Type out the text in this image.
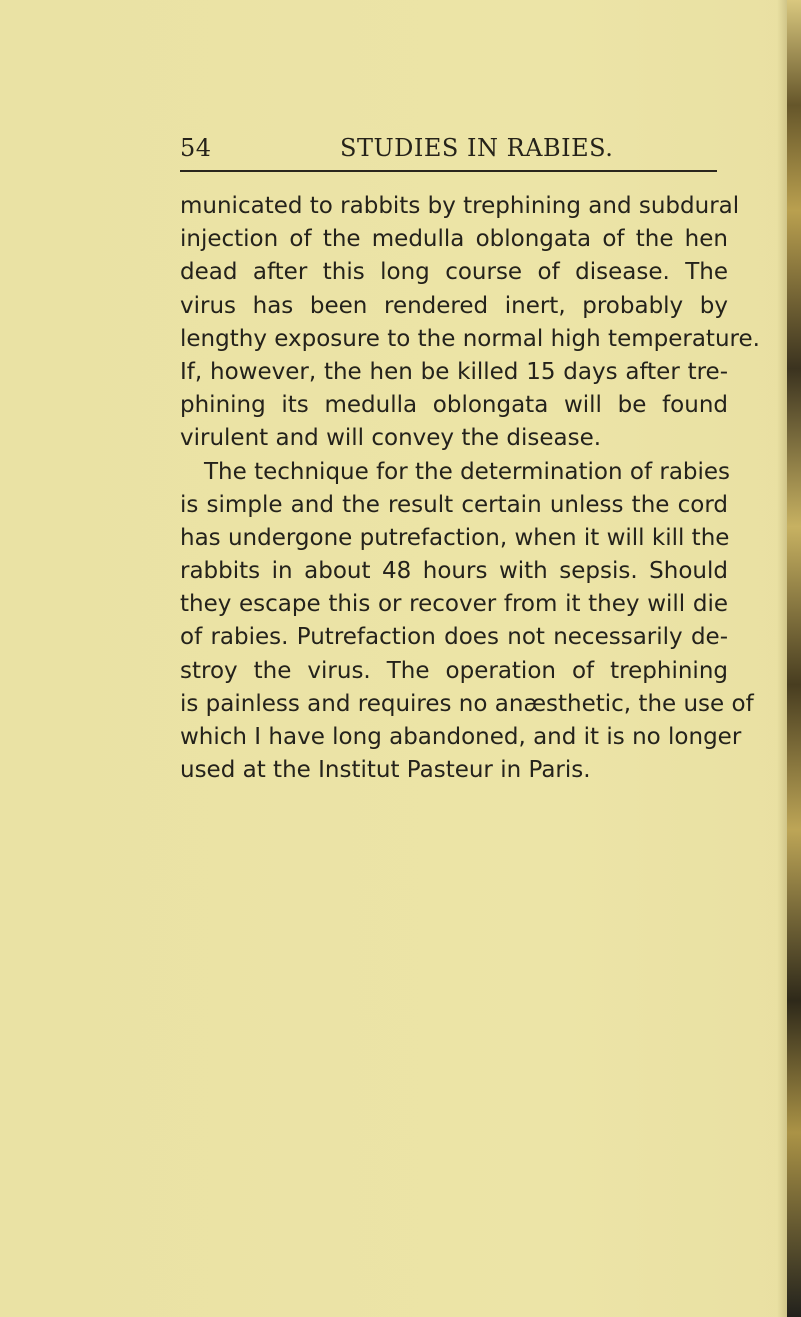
54	STUDIES IN RABIES.
municated to rabbits by trephining and subdural
injection of the medulla oblongata of the hen
dead after this long course of disease. The
virus has been rendered inert, probably by
lengthy exposure to the normal high temperature.
If, however, the hen be killed 15 days after tre-
phining its medulla oblongata will be found
virulent and will convey the disease.
The technique for the determination of rabies
is simple and the result certain unless the cord
has undergone putrefaction, when it will kill the
rabbits in about 48 hours with sepsis. Should
they escape this or recover from it they will die
of rabies. Putrefaction does not necessarily de-
stroy the virus. The operation of trephining
is painless and requires no anæsthetic, the use of
which I have long abandoned, and it is no longer
used at the Institut Pasteur in Paris.
